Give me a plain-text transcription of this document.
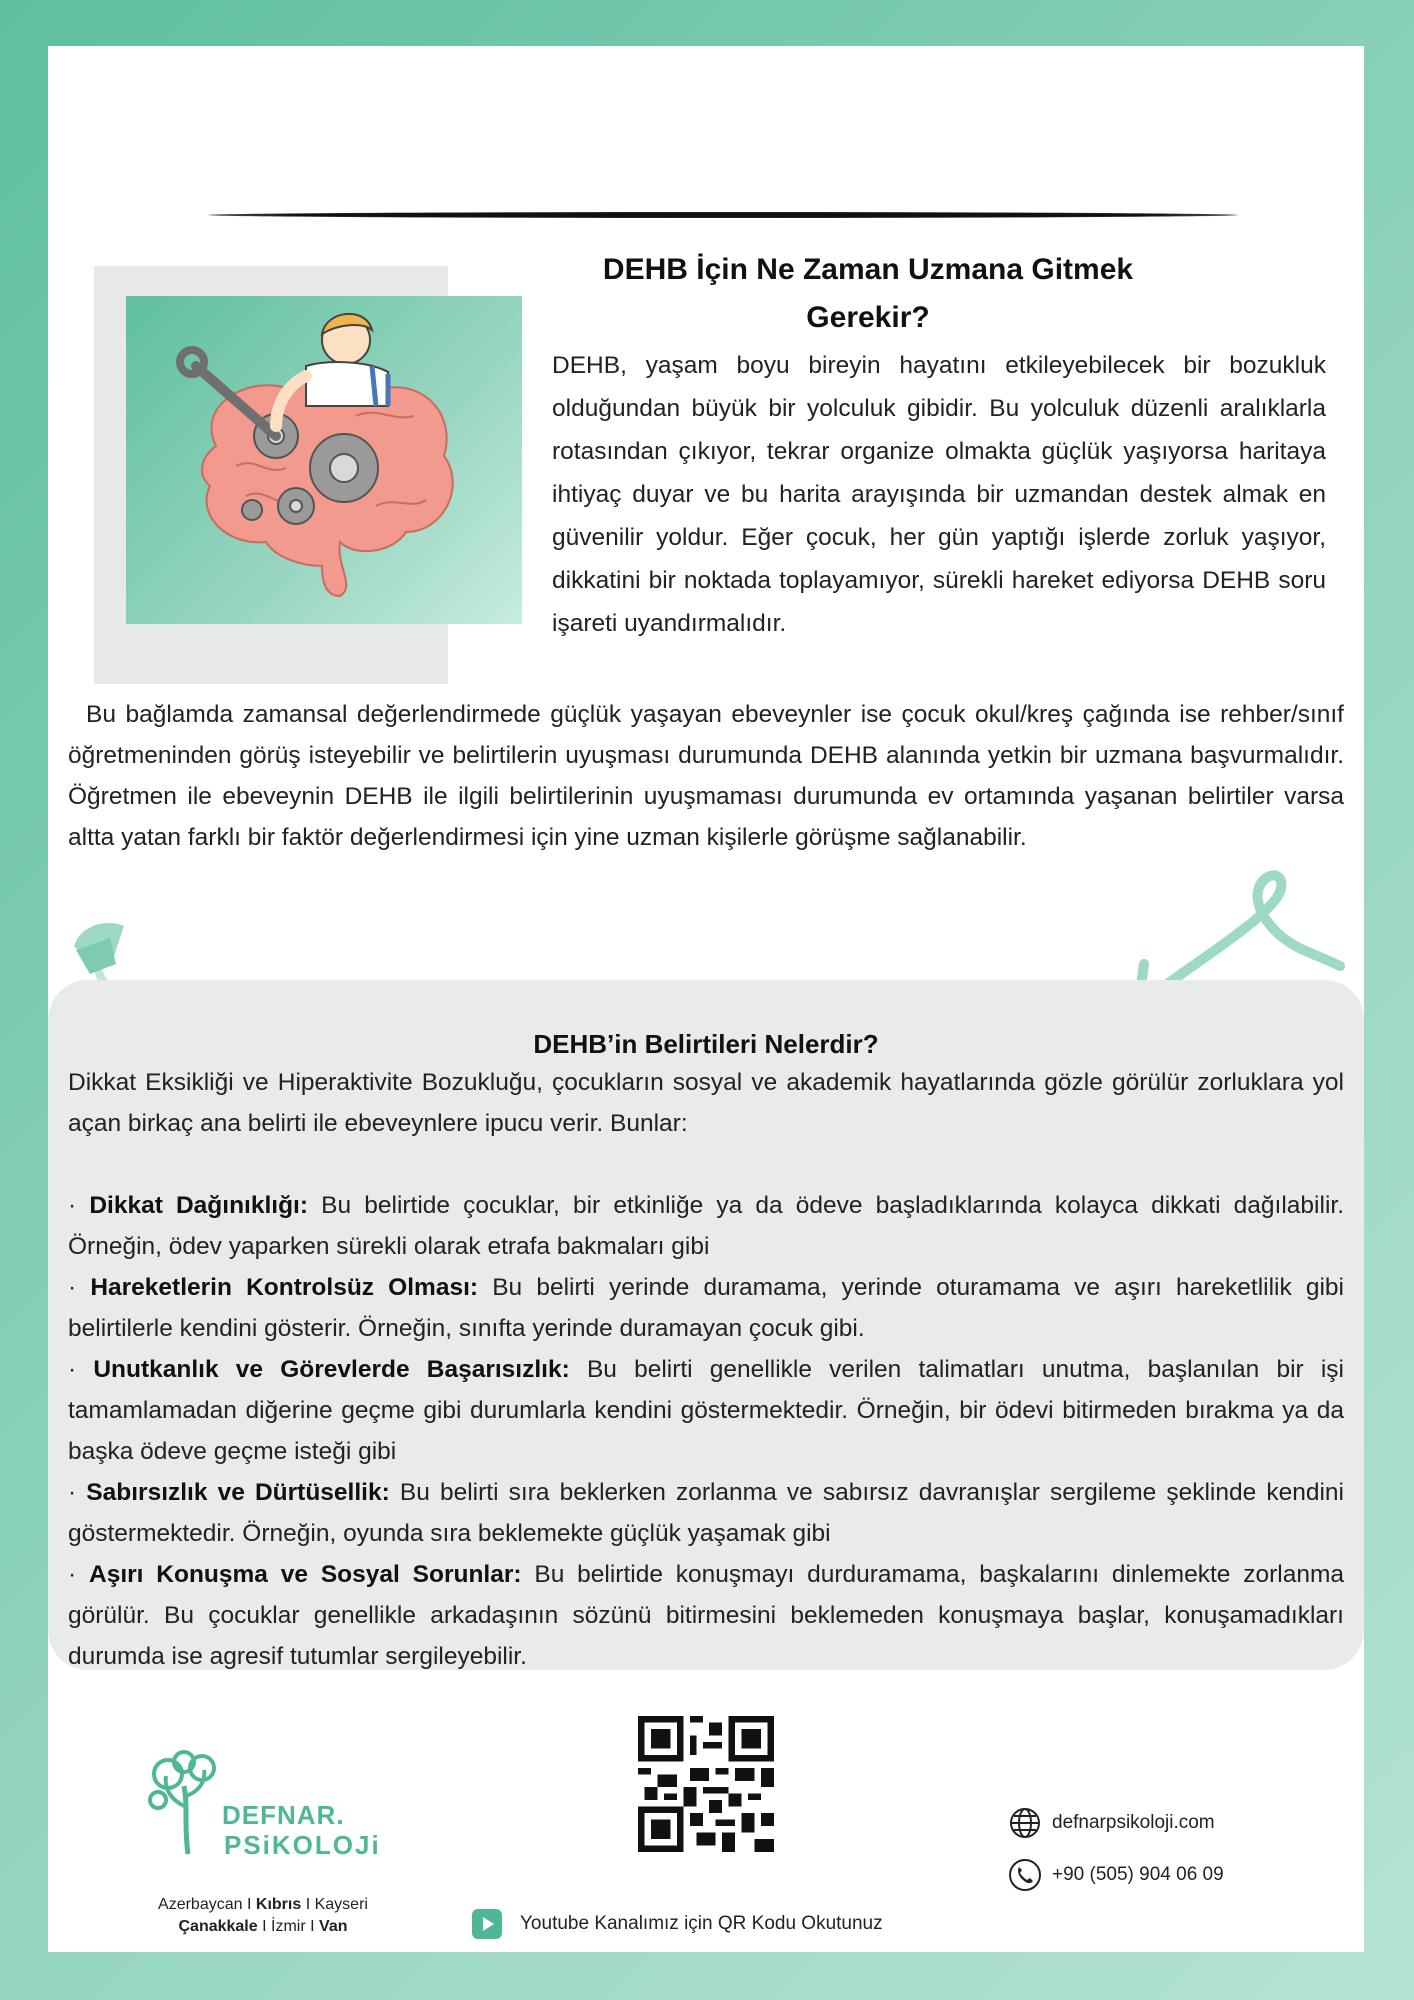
DEHB İçin Ne Zaman Uzmana Gitmek Gerekir?
DEHB, yaşam boyu bireyin hayatını etkileyebilecek bir bozukluk olduğundan büyük bir yolculuk gibidir. Bu yolculuk düzenli aralıklarla rotasından çıkıyor, tekrar organize olmakta güçlük yaşıyorsa haritaya ihtiyaç duyar ve bu harita arayışında bir uzmandan destek almak en güvenilir yoldur. Eğer çocuk, her gün yaptığı işlerde zorluk yaşıyor, dikkatini bir noktada toplayamıyor, sürekli hareket ediyorsa DEHB soru işareti uyandırmalıdır.
Bu bağlamda zamansal değerlendirmede güçlük yaşayan ebeveynler ise çocuk okul/kreş çağında ise rehber/sınıf öğretmeninden görüş isteyebilir ve belirtilerin uyuşması durumunda DEHB alanında yetkin bir uzmana başvurmalıdır. Öğretmen ile ebeveynin DEHB ile ilgili belirtilerinin uyuşmaması durumunda ev ortamında yaşanan belirtiler varsa altta yatan farklı bir faktör değerlendirmesi için yine uzman kişilerle görüşme sağlanabilir.
DEHB’in Belirtileri Nelerdir?

Dikkat Eksikliği ve Hiperaktivite Bozukluğu, çocukların sosyal ve akademik hayatlarında gözle görülür zorluklara yol açan birkaç ana belirti ile ebeveynlere ipucu verir. Bunlar:

· Dikkat Dağınıklığı: Bu belirtide çocuklar, bir etkinliğe ya da ödeve başladıklarında kolayca dikkati dağılabilir. Örneğin, ödev yaparken sürekli olarak etrafa bakmaları gibi

· Hareketlerin Kontrolsüz Olması: Bu belirti yerinde duramama, yerinde oturamama ve aşırı hareketlilik gibi belirtilerle kendini gösterir. Örneğin, sınıfta yerinde duramayan çocuk gibi.

· Unutkanlık ve Görevlerde Başarısızlık: Bu belirti genellikle verilen talimatları unutma, başlanılan bir işi tamamlamadan diğerine geçme gibi durumlarla kendini göstermektedir. Örneğin, bir ödevi bitirmeden bırakma ya da başka ödeve geçme isteği gibi

· Sabırsızlık ve Dürtüsellik: Bu belirti sıra beklerken zorlanma ve sabırsız davranışlar sergileme şeklinde kendini göstermektedir. Örneğin, oyunda sıra beklemekte güçlük yaşamak gibi

· Aşırı Konuşma ve Sosyal Sorunlar: Bu belirtide konuşmayı durduramama, başkalarını dinlemekte zorlanma görülür. Bu çocuklar genellikle arkadaşının sözünü bitirmesini beklemeden konuşmaya başlar, konuşamadıkları durumda ise agresif tutumlar sergileyebilir.

DEFNAR.
PSiKOLOJi
Azerbaycan I Kıbrıs I Kayseri
Çanakkale I İzmir I Van	Youtube Kanalımız için QR Kodu Okutunuz
defnarpsikoloji.com
+90 (505) 904 06 09
